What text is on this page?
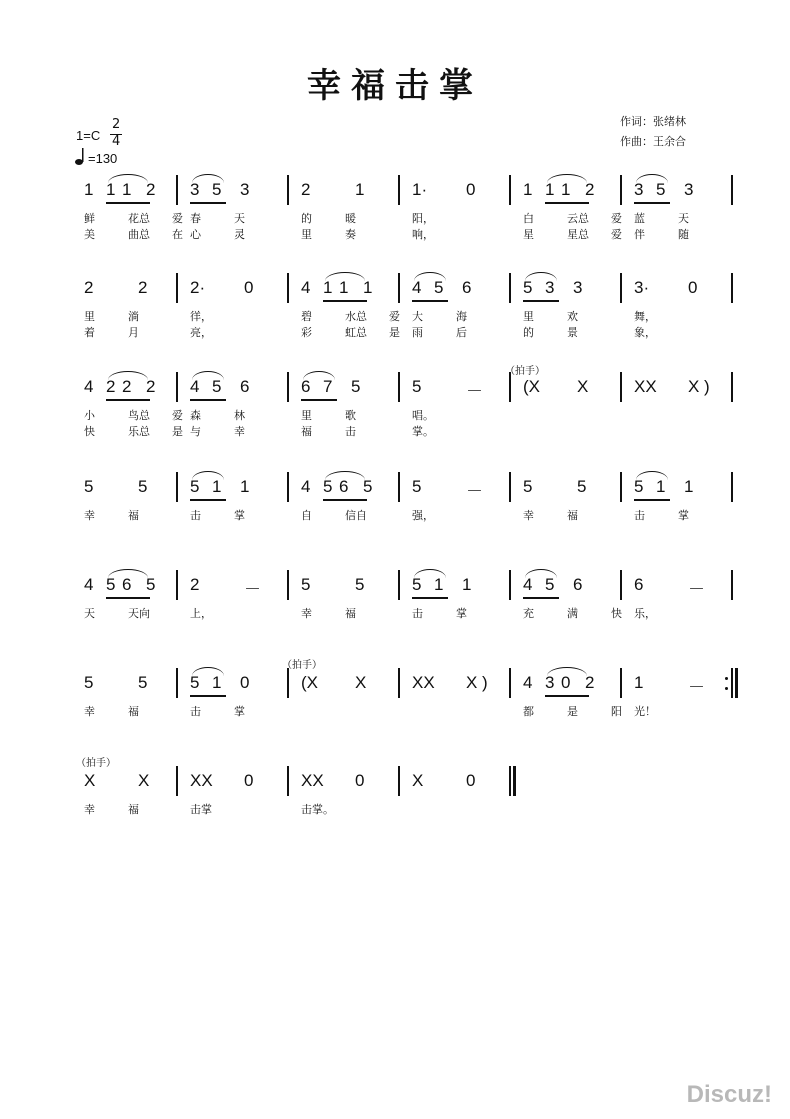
幸福击掌
作词：张绪林
作曲：王余合
1=C
2
4
=130
1 1 1 2
鲜	花总 爱
美	曲总 在
3 5 3
春	天
心	灵
2	1
的	暖
里	奏
1· 0
阳，
响，
1 1 1 2
白	云总 爱
星	星总 爱
3 5 3
蓝	天
伴	随
2	2
里	淌
着	月
2· 0
徉，
亮，
4 1 1 1
碧	水总 爱
彩	虹总 是
4 5 6
大	海
雨	后
5 3 3
里	欢
的	景
3· 0
舞，
象，
4 2 2 2
小	鸟总 爱
快	乐总 是
4 5 6
森	林
与	幸
6 7 5
里	歌
福	击
5	－
唱。
掌。
(X X	XX X )
5	5
幸	福
5 1 1
击	掌
4 5 6 5
自	信自
5	－
强，
5	5
幸	福
5 1 1
击	掌
4 5 6 5
天	天向
2	－
上，
5	5
幸	福
5 1 1
击	掌
4 5 6
充	满	快
6	－
乐，
5	5
幸	福
5 1 0
击	掌
(X X	XX X ) 4 3 0 2
都	是	阳
1	－
光！
X	X
幸	福
XX 0
击掌
XX 0
击掌。
X	0
（拍手）
（拍手）
（拍手）
Discuz!
